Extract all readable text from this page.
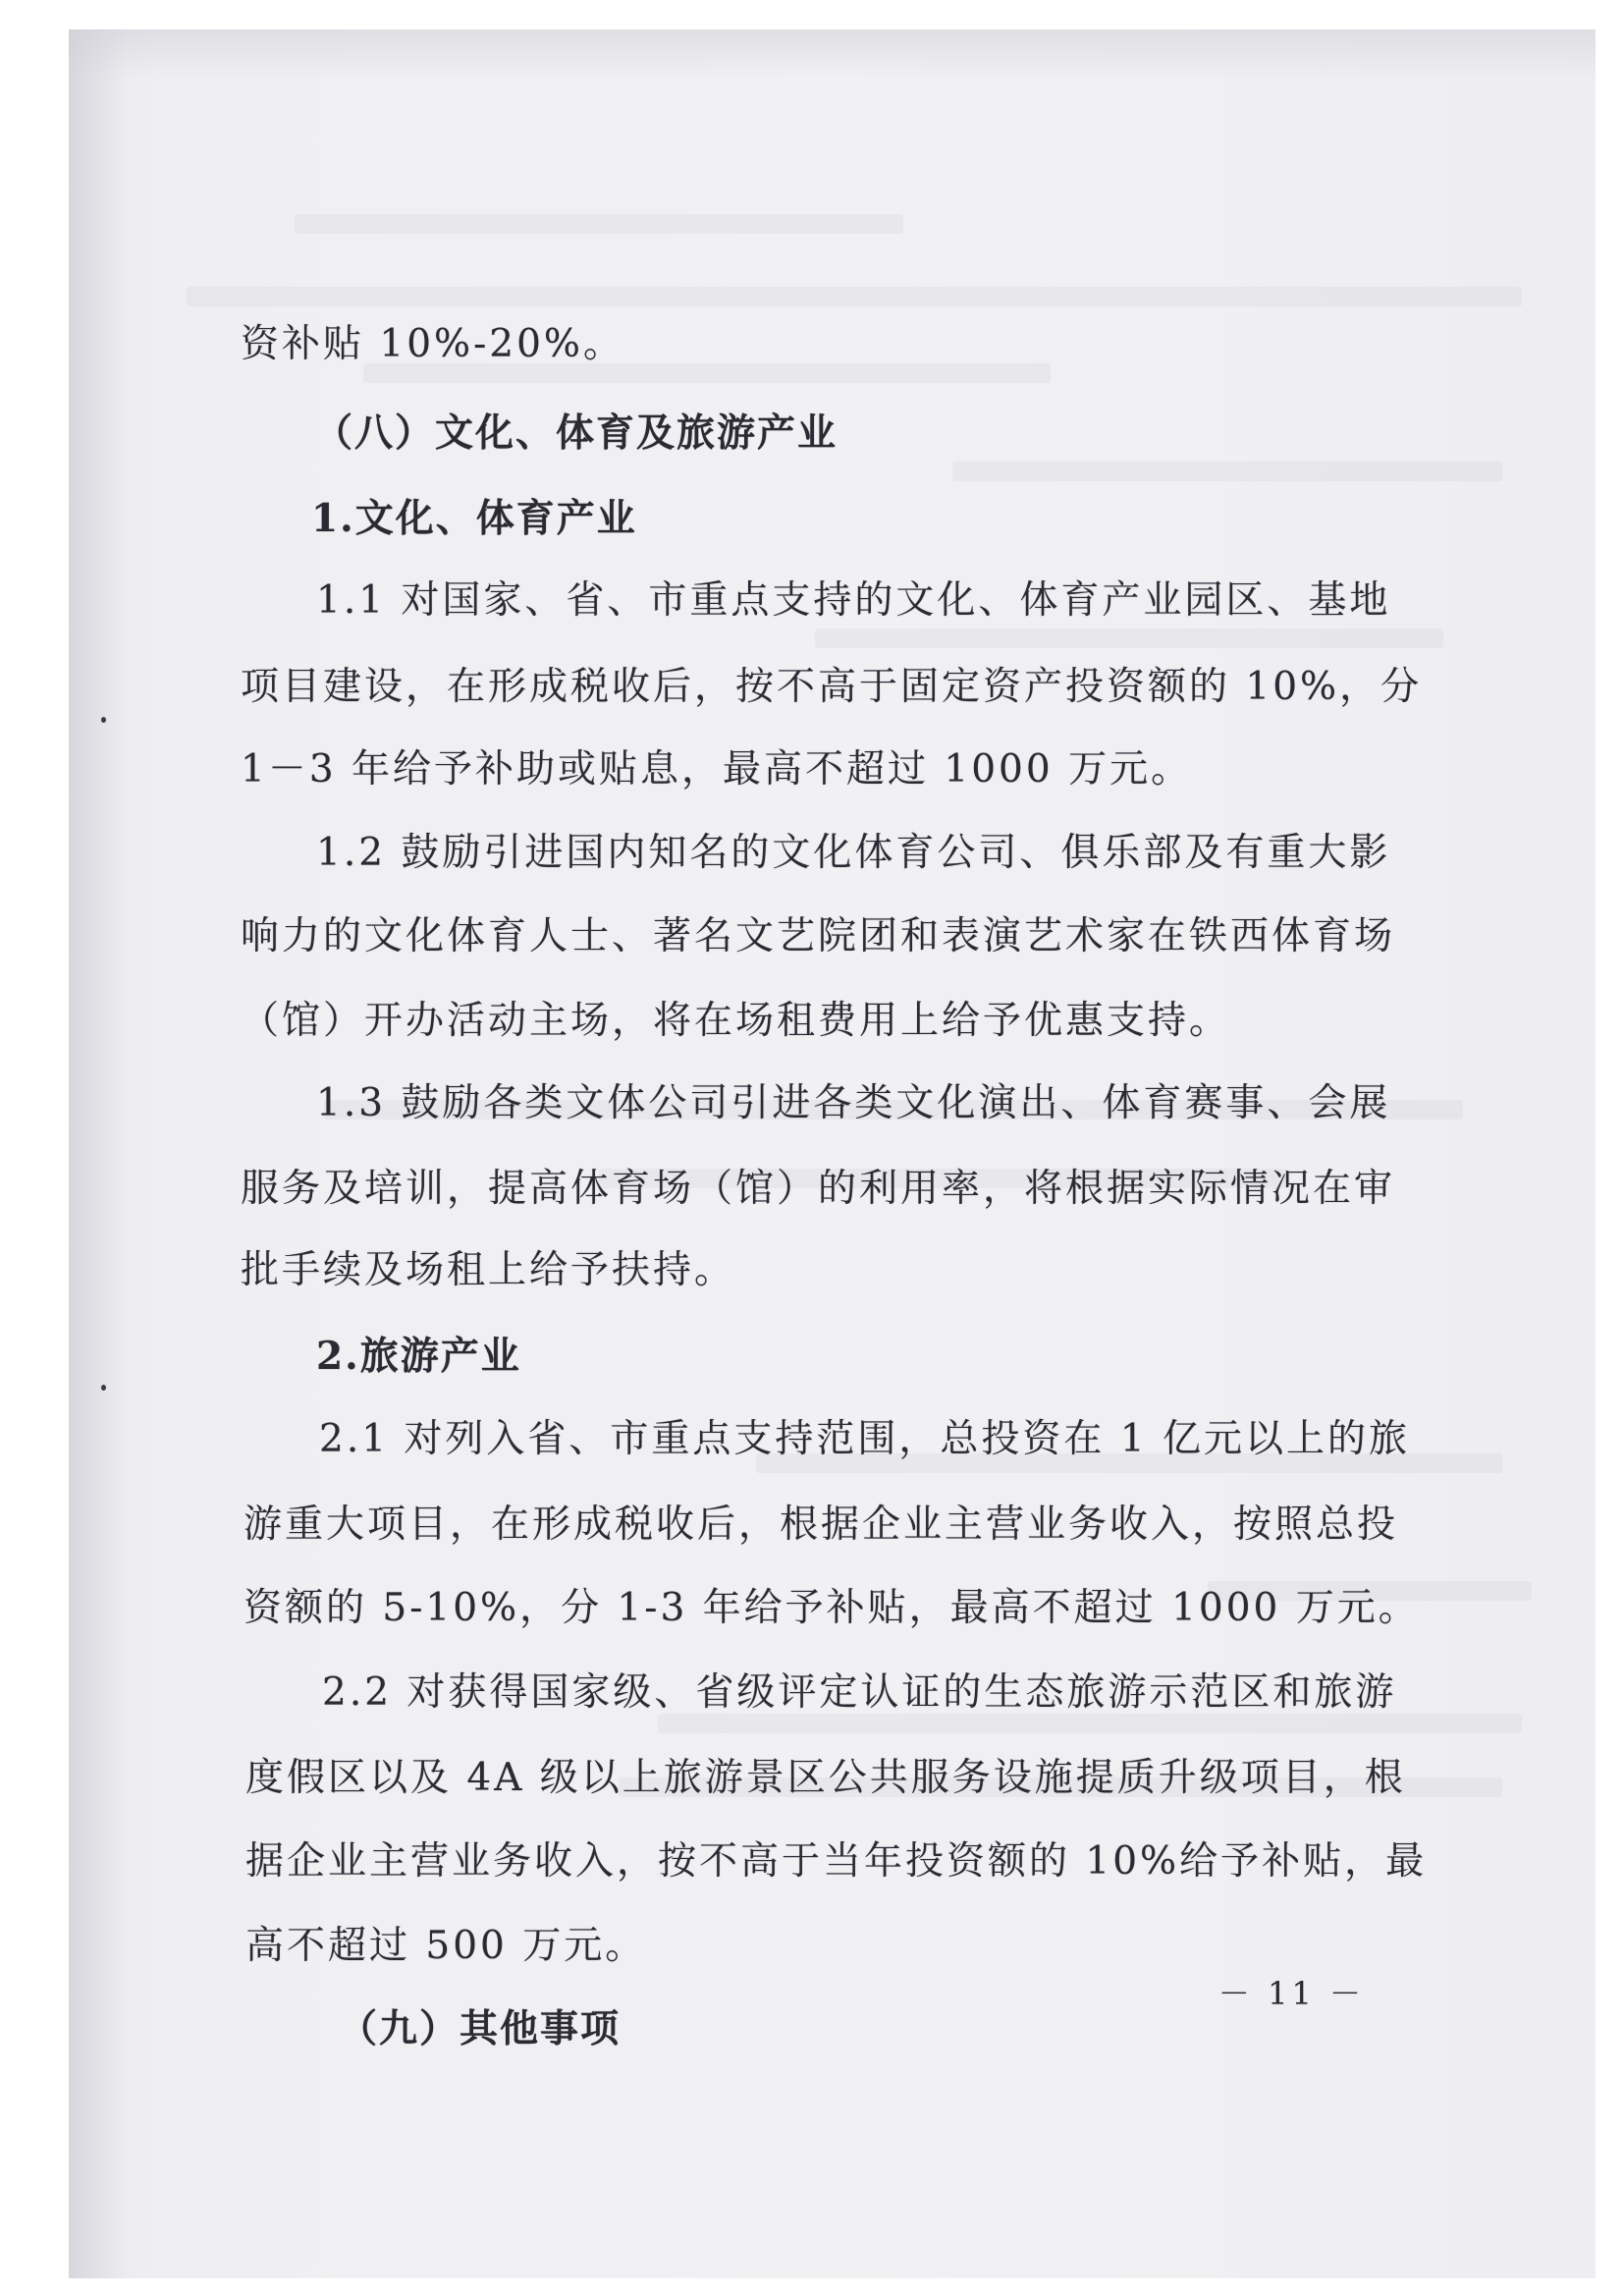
资补贴 10%-20%。
（八）文化、体育及旅游产业
1.文化、体育产业
1.1 对国家、省、市重点支持的文化、体育产业园区、基地
项目建设，在形成税收后，按不高于固定资产投资额的 10%，分
1－3 年给予补助或贴息，最高不超过 1000 万元。
1.2 鼓励引进国内知名的文化体育公司、俱乐部及有重大影
响力的文化体育人士、著名文艺院团和表演艺术家在铁西体育场
（馆）开办活动主场，将在场租费用上给予优惠支持。
1.3 鼓励各类文体公司引进各类文化演出、体育赛事、会展
服务及培训，提高体育场（馆）的利用率，将根据实际情况在审
批手续及场租上给予扶持。
2.旅游产业
2.1 对列入省、市重点支持范围，总投资在 1 亿元以上的旅
游重大项目，在形成税收后，根据企业主营业务收入，按照总投
资额的 5-10%，分 1-3 年给予补贴，最高不超过 1000 万元。
2.2 对获得国家级、省级评定认证的生态旅游示范区和旅游
度假区以及 4A 级以上旅游景区公共服务设施提质升级项目，根
据企业主营业务收入，按不高于当年投资额的 10%给予补贴，最
高不超过 500 万元。
（九）其他事项
－ 11 －
